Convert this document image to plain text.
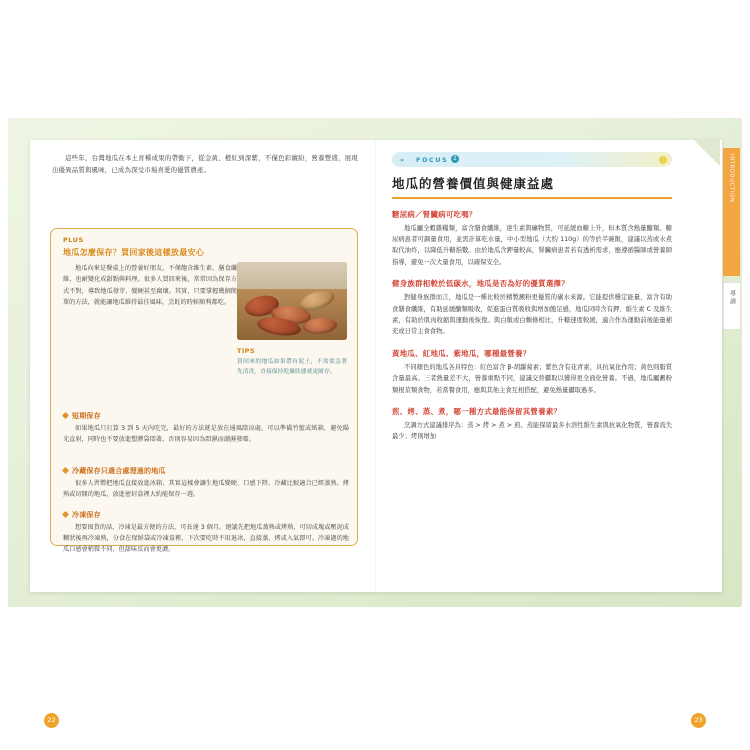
這些年，台灣地瓜在本土育種成果的帶動下，從金黃、橙紅到深紫，不僅色彩繽紛，營養豐盛，展現出優異品質與風味，已成為深受市場喜愛的優質農產。

PLUS
地瓜怎麼保存？買回家後這樣放最安心

地瓜向來是餐桌上的營養好朋友，不僅飽含維生素、膳食纖維，也耐變化成甜點與料理。很多人買回來後，常常因為保存方式不對，導致地瓜發芽、變硬甚至腐壞。其實，只要掌握幾個簡單的方法，就能讓地瓜維持最佳風味，烹飪的時候順利都吃。

TIPS
買回來的地瓜如果帶有泥土，不需要急著先清洗，直接保持乾燥狀態就更耐存。
短期保存

如果地瓜只打算 3 到 5 天內吃完，最好的方法就是放在通風陰涼處。可以準備竹籃或紙箱，避免陽光直射，同時也不要放進塑膠袋悶著，否則容易因為悶濕而潮濕發霉。

冷藏保存只適合處理過的地瓜

很多人習慣把地瓜直接放進冰箱，其實這樣會讓生地瓜變硬、口感下降。冷藏比較適合已經蒸熟、烤熟或切開的地瓜，放進密封盒裡大約能保存一週。

冷凍保存

想要囤貨的話，冷凍是最方便的方法，可長達 3 個月。建議先把地瓜蒸熟或烤熟，可切成塊或壓泥成糊狀後再冷凍熟，分食在保鮮袋或冷凍盒裡，下次要吃時不用退冰，直接蒸、烤或入氣即可。冷凍過的地瓜口感會稍微不同，但甜味反而會更濃。

» FOCUS	2
地瓜的營養價值與健康益處
糖尿病／腎臟病可吃嗎？

地瓜屬全穀雜糧類，富含膳食纖維，達生素與礦物質，可延緩血糖上升，但本質含熱量醣類。糖尿病患者可調量食用，並需計算吃水量，中小型地瓜（大約 110g）的等於半碗飯，建議以蒸或水煮取代油炸，以降低升糖指數。由於地瓜含鉀量較高，腎臟病患者若有透析需求，應遵循醫師或營養師指導，避免一次大量食用，以確保安全。

健身族群相較於低碳水，地瓜是否為好的優質選擇？

對健身族群而言，地瓜是一種比較於精製澱粉更優質的碳水來源。它能提供穩定能量，富含有助食膳食纖維，有助延緩醣類吸收，促進蛋白質吸收與增加飽足感，地瓜同時含有鉀、維生素 C 及維生素，有助於肌肉收縮與運動後恢復。與白飯或白麵條相比，升糖速度較緩，適合作為運動前後能量補充或日常主食食物。

黃地瓜、紅地瓜、紫地瓜，哪種最營養？

不同顏色的地瓜各具特色：紅色富含 β-胡蘿蔔素；紫色含有花青素，具抗氧化作用；黃色則脂質含量最高。三者熱量差不大，營養重點不同，建議交替攝取以獲得更全面化營養。不過，地瓜屬澱粉類根莖類食物，若當餐食用，應與其他主食互相搭配，避免熱量攝取過多。

煎、烤、蒸、煮，哪一種方式最能保留其營養素？

烹調方式建議排序為：蒸 > 烤 > 煮 > 煎。蒸能保留最多水溶性維生素與抗氧化物質，營養流失最少；烤則增加

INTRODUCTION
導讀
22	23
